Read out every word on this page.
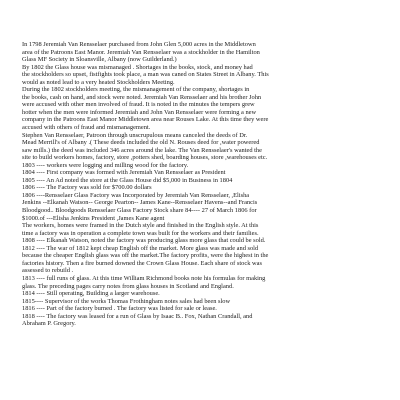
In 1798 Jeremiah Van Rensselaer purchased from John Glen 5,000 acres in the Middletown
area of the Patroons East Manor. Jeremiah Van Rensselaer was a stockholder in the Hamilton
Glass MF Society in Sloansville, Albany (now Guilderland.)
By 1802 the Glass house was mismanaged . Shortages in the books, stock, and money had
the stockholders so upset, fistfights took place, a man was caned on States Street in Albany. This
would as noted lead to a very heated Stockholders Meeting.
During the 1802 stockholders meeting, the mismanagement of the company, shortages in
the books, cash on hand, and stock were noted. Jeremiah Van Rensselaer and his brother John
were accused with other men involved of fraud. It is noted in the minutes the tempers grew
hotter when the men were informed Jeremiah and John Van Rensselaer were forming a new
company in the Patroons East Manor Middletown area near Rouses Lake. At this time they were
accused with others of fraud and mismanagement.
Stephen Van Rensselaer, Patroon through unscrupulous means canceled the deeds of Dr.
Mead Merrill's of Albany .( These deeds included the old N. Rouses deed for ,water powered
saw mills.) the deed was included 346 acres around the lake. The Van Rensselaer's wanted the
site to build workers homes, factory, store ,potters shed, boarding houses, store ,warehouses etc.
1803 ---- workers were logging and milling wood for the factory.
1804 ---- First company was formed with Jeremiah Van Rensselaer as President
1805 ---- An Ad noted the store at the Glass House did $5,000 in Business in 1804
1806 ---- The Factory was sold for $700.00 dollars
1806 ----Rensselaer Glass Factory was Incorporated by Jeremiah Van Rensselaer, ,Elisha
Jenkins --Elkanah Watson-- George Pearton-- James Kane--Rensselaer Havens--and Francis
Bloodgood.. Bloodgoods Rensselaer Glass Factory Stock share 84---- 27 of March 1806 for
$1000.of ---Elisha Jenkins President ,James Kane agent
The workers, homes were framed in the Dutch style and finished in the English style. At this
time a factory was in operation a complete town was built for the workers and their families.
1808 ---- Elkanah Watson, noted the factory was producing glass more glass that could be sold.
1812 ---- The war of 1812 kept cheap English off the market. More glass was made and sold
because the cheaper English glass was off the market.The factory profits, were the highest in the
factories history. Then a fire burned downed the Crown Glass House. Each share of stock was
assessed to rebuild .
1813 ---- full runs of glass. At this time William Richmond books note his formulas for making
glass. The preceding pages carry notes from glass houses in Scotland and England.
1814 ---- Still operating, Building a larger warehouse.
1815---- Supervisor of the works Thomas Frothingham notes sales had been slow
1816 ---- Part of the factory burned . The factory was listed for sale or lease.
1818 ---- The factory was leased for a run of Glass by Isaac B.. Fox, Nathan Crandall, and
Abraham P. Gregory.
